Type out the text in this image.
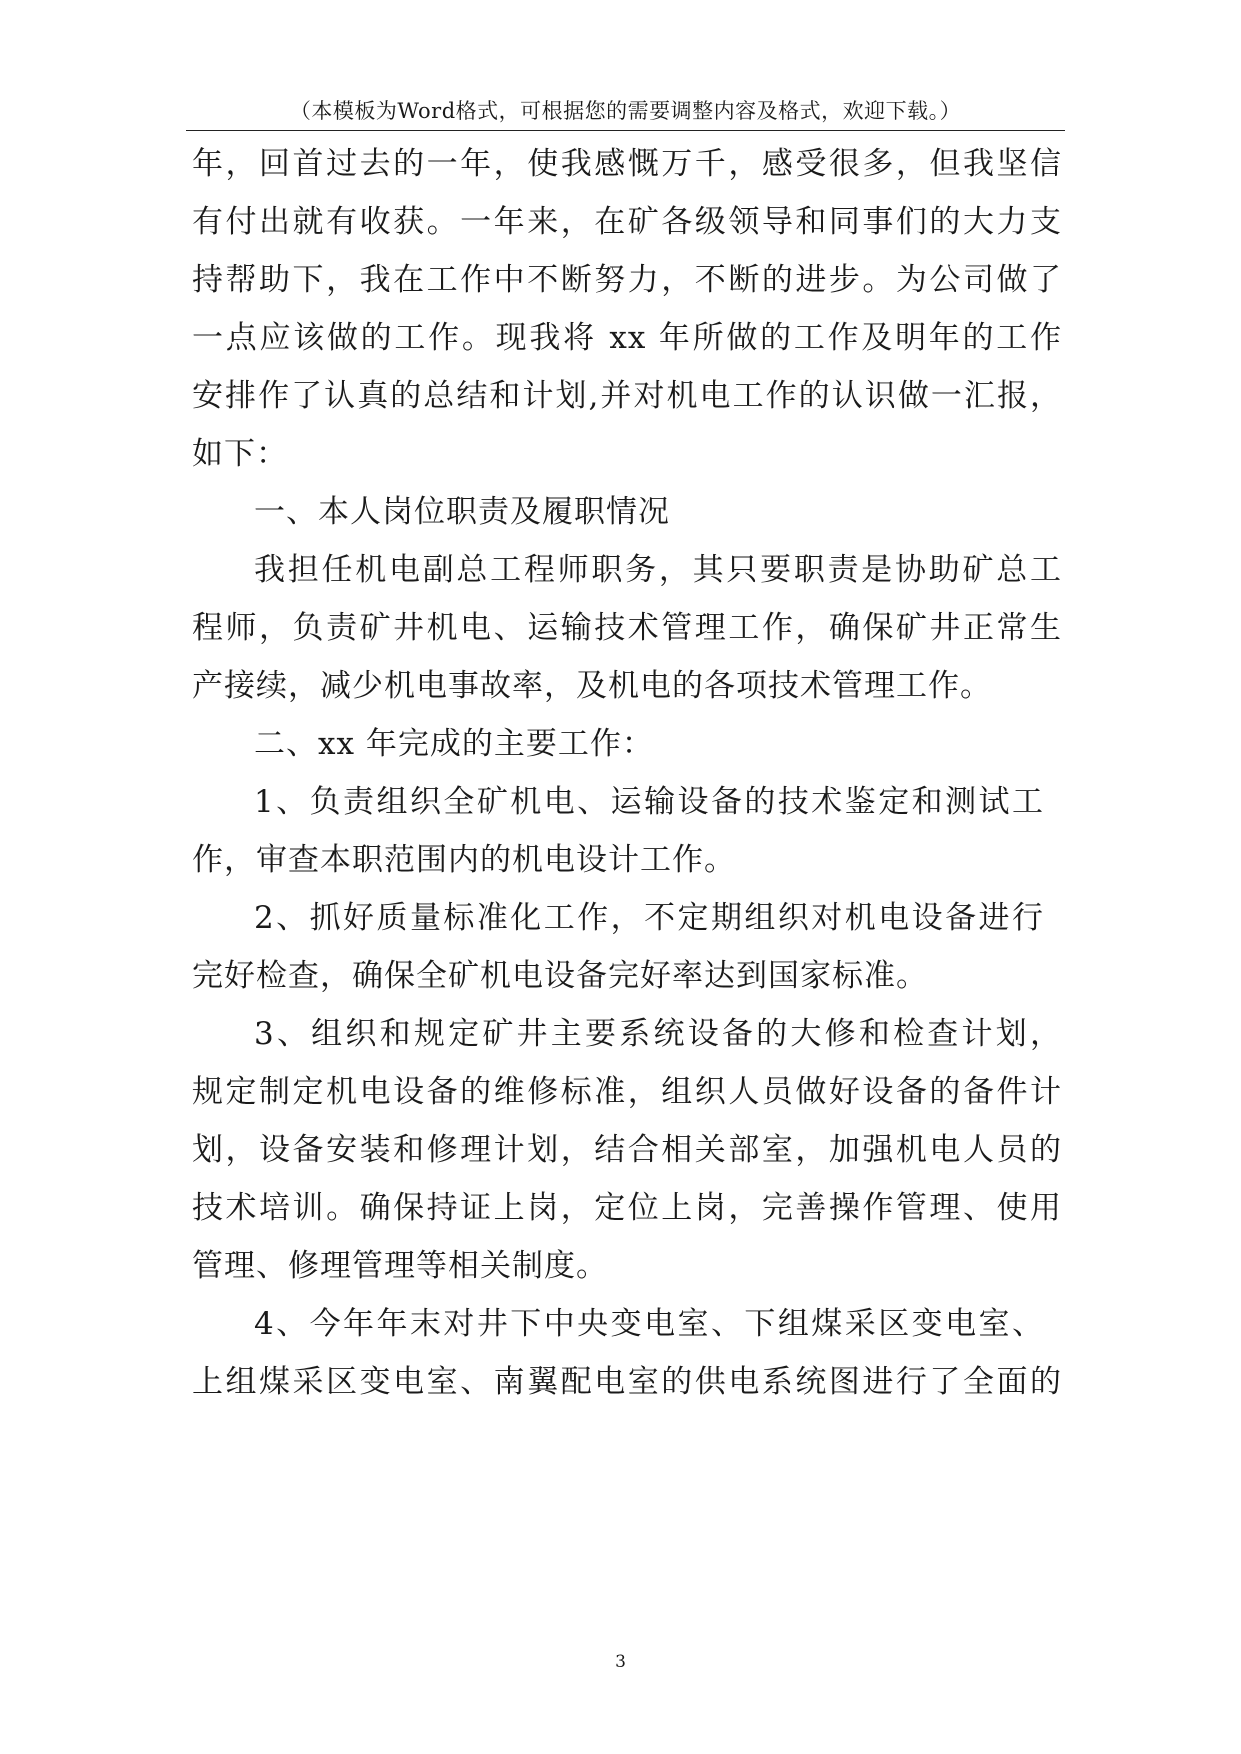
（本模板为Word格式，可根据您的需要调整内容及格式，欢迎下载。）
年，回首过去的一年，使我感慨万千，感受很多，但我坚信
有付出就有收获。一年来，在矿各级领导和同事们的大力支
持帮助下，我在工作中不断努力，不断的进步。为公司做了
一点应该做的工作。现我将 xx 年所做的工作及明年的工作
安排作了认真的总结和计划,并对机电工作的认识做一汇报，
如下：
一、本人岗位职责及履职情况
我担任机电副总工程师职务，其只要职责是协助矿总工
程师，负责矿井机电、运输技术管理工作，确保矿井正常生
产接续，减少机电事故率，及机电的各项技术管理工作。
二、xx 年完成的主要工作：
1、负责组织全矿机电、运输设备的技术鉴定和测试工
作，审查本职范围内的机电设计工作。
2、抓好质量标准化工作，不定期组织对机电设备进行
完好检查，确保全矿机电设备完好率达到国家标准。
3、组织和规定矿井主要系统设备的大修和检查计划，
规定制定机电设备的维修标准，组织人员做好设备的备件计
划，设备安装和修理计划，结合相关部室，加强机电人员的
技术培训。确保持证上岗，定位上岗，完善操作管理、使用
管理、修理管理等相关制度。
4、今年年末对井下中央变电室、下组煤采区变电室、
上组煤采区变电室、南翼配电室的供电系统图进行了全面的
3
